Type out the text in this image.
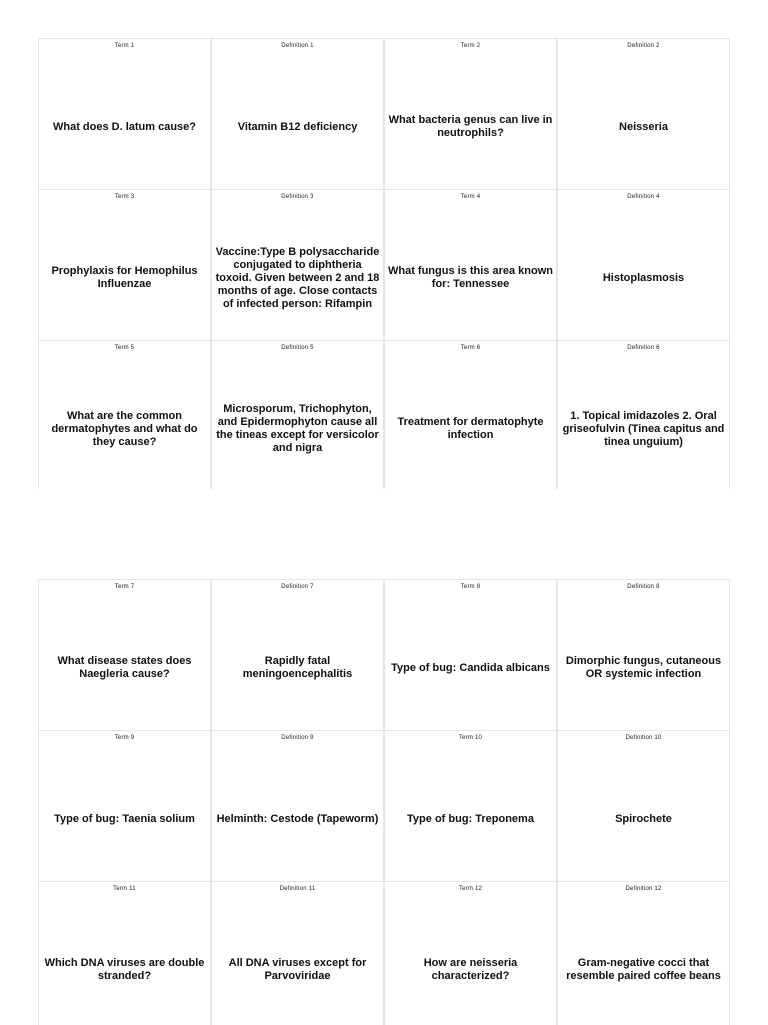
Term 1
What does D. latum cause?
Definition 1
Vitamin B12 deficiency
Term 2
What bacteria genus can live in neutrophils?
Definition 2
Neisseria
Term 3
Prophylaxis for Hemophilus Influenzae
Definition 3
Vaccine:Type B polysaccharide conjugated to diphtheria toxoid. Given between 2 and 18 months of age. Close contacts of infected person: Rifampin
Term 4
What fungus is this area known for: Tennessee
Definition 4
Histoplasmosis
Term 5
What are the common dermatophytes and what do they cause?
Definition 5
Microsporum, Trichophyton, and Epidermophyton cause all the tineas except for versicolor and nigra
Term 6
Treatment for dermatophyte infection
Definition 6
1. Topical imidazoles 2. Oral griseofulvin (Tinea capitus and tinea unguium)
Term 7
What disease states does Naegleria cause?
Definition 7
Rapidly fatal meningoencephalitis
Term 8
Type of bug: Candida albicans
Definition 8
Dimorphic fungus, cutaneous OR systemic infection
Term 9
Type of bug: Taenia solium
Definition 9
Helminth: Cestode (Tapeworm)
Term 10
Type of bug: Treponema
Definition 10
Spirochete
Term 11
Which DNA viruses are double stranded?
Definition 11
All DNA viruses except for Parvoviridae
Term 12
How are neisseria characterized?
Definition 12
Gram-negative cocci that resemble paired coffee beans
